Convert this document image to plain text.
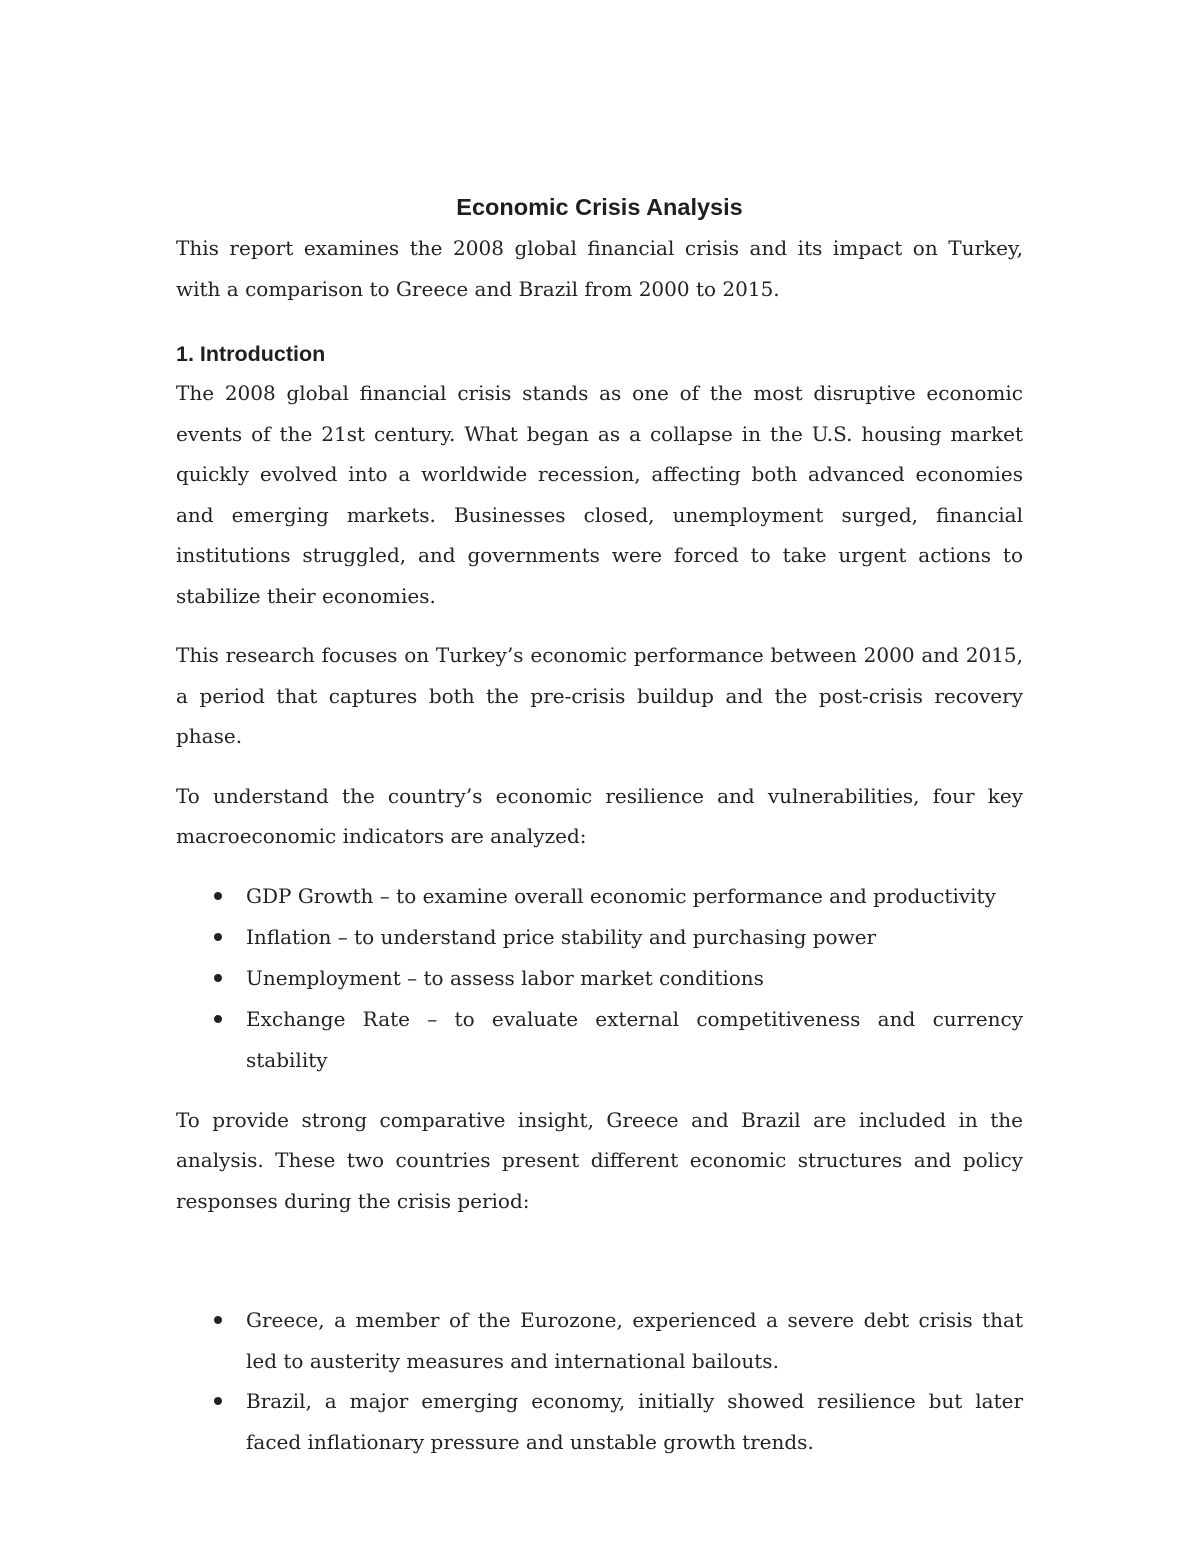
Economic Crisis Analysis

This report examines the 2008 global financial crisis and its impact on Turkey, with a comparison to Greece and Brazil from 2000 to 2015.

1. Introduction

The 2008 global financial crisis stands as one of the most disruptive economic events of the 21st century. What began as a collapse in the U.S. housing market quickly evolved into a worldwide recession, affecting both advanced economies and emerging markets. Businesses closed, unemployment surged, financial institutions struggled, and governments were forced to take urgent actions to stabilize their economies.

This research focuses on Turkey’s economic performance between 2000 and 2015, a period that captures both the pre-crisis buildup and the post-crisis recovery phase.

To understand the country’s economic resilience and vulnerabilities, four key macroeconomic indicators are analyzed:

GDP Growth – to examine overall economic performance and productivity
Inflation – to understand price stability and purchasing power
Unemployment – to assess labor market conditions
Exchange Rate – to evaluate external competitiveness and currency stability

To provide strong comparative insight, Greece and Brazil are included in the analysis. These two countries present different economic structures and policy responses during the crisis period:

Greece, a member of the Eurozone, experienced a severe debt crisis that led to austerity measures and international bailouts.
Brazil, a major emerging economy, initially showed resilience but later faced inflationary pressure and unstable growth trends.
